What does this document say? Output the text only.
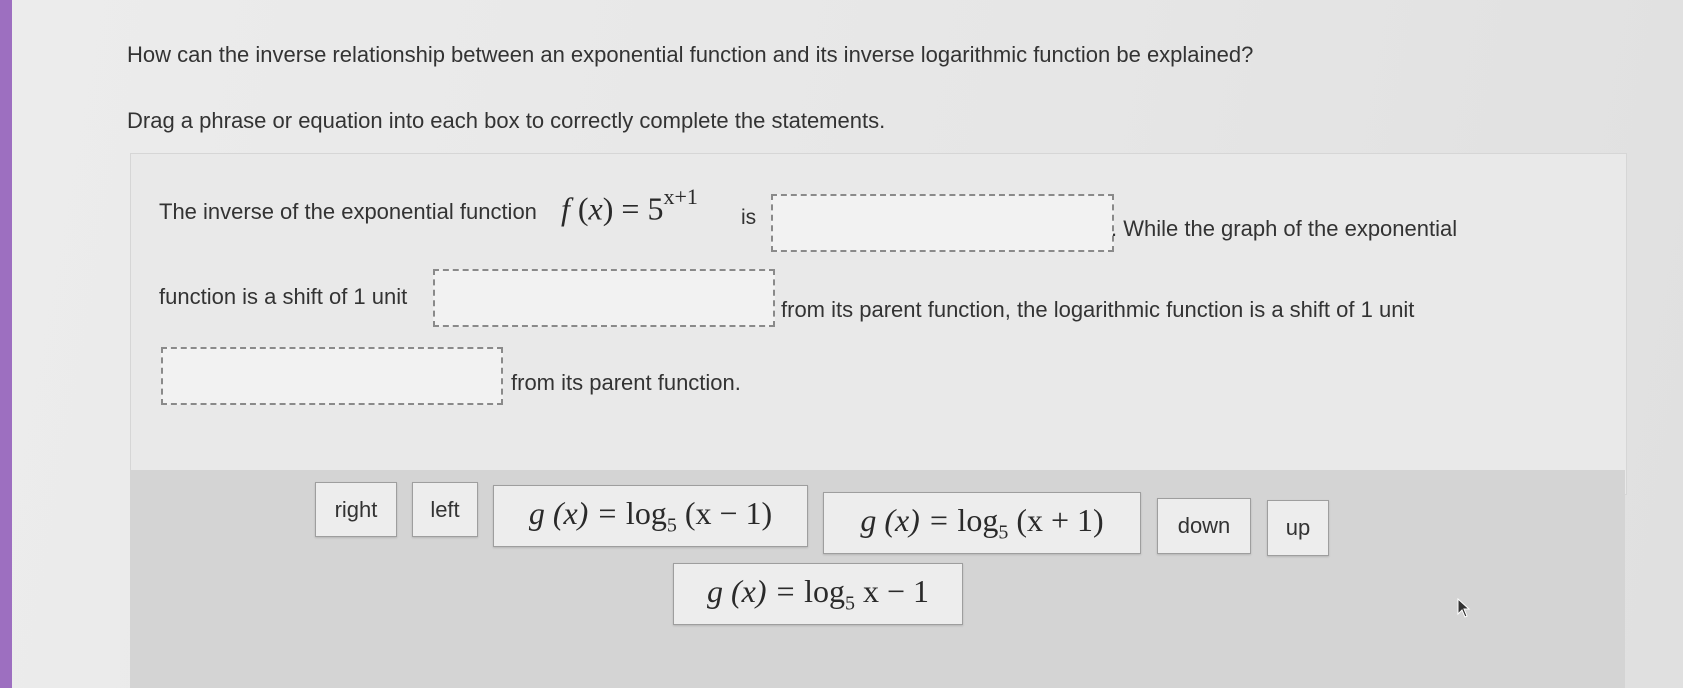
How can the inverse relationship between an exponential function and its inverse logarithmic function be explained?
Drag a phrase or equation into each box to correctly complete the statements.
The inverse of the exponential function f $(x) = 5^{x+1}$
is	. While the graph of the exponential
function is a shift of 1 unit
from its parent function, the logarithmic function is a shift of 1 unit
from its parent function.
right left g $(x) = \log_5 (x - 1)$	g $(x) = \log_5 (x + 1)$	down	up
g $(x) = \log_5 x - 1$
